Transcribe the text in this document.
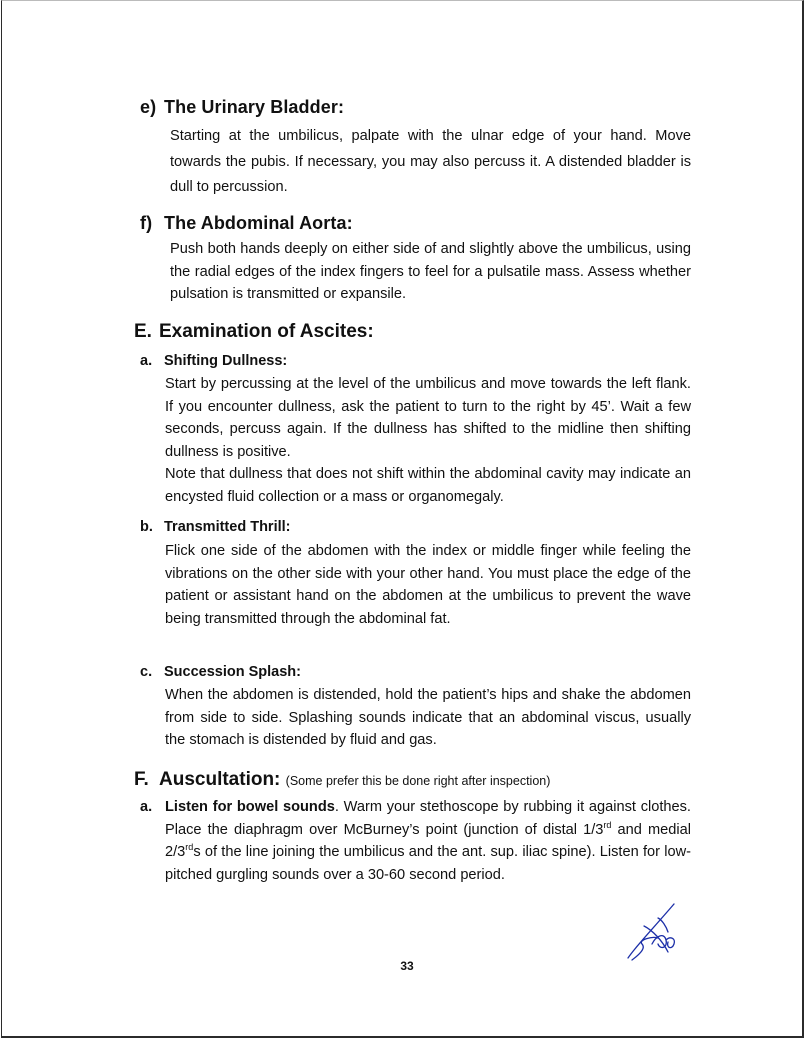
e) The Urinary Bladder:

Starting at the umbilicus, palpate with the ulnar edge of your hand. Move towards the pubis. If necessary, you may also percuss it. A distended bladder is dull to percussion.

f) The Abdominal Aorta:

Push both hands deeply on either side of and slightly above the umbilicus, using the radial edges of the index fingers to feel for a pulsatile mass. Assess whether pulsation is transmitted or expansile.

E. Examination of Ascites:
a. Shifting Dullness:

Start by percussing at the level of the umbilicus and move towards the left flank. If you encounter dullness, ask the patient to turn to the right by 45’. Wait a few seconds, percuss again. If the dullness has shifted to the midline then shifting dullness is positive.

Note that dullness that does not shift within the abdominal cavity may indicate an encysted fluid collection or a mass or organomegaly.

b. Transmitted Thrill:

Flick one side of the abdomen with the index or middle finger while feeling the vibrations on the other side with your other hand. You must place the edge of the patient or assistant hand on the abdomen at the umbilicus to prevent the wave being transmitted through the abdominal fat.

c. Succession Splash:

When the abdomen is distended, hold the patient’s hips and shake the abdomen from side to side. Splashing sounds indicate that an abdominal viscus, usually the stomach is distended by fluid and gas.

F. Auscultation: (Some prefer this be done right after inspection)
a. Listen for bowel sounds. Warm your stethoscope by rubbing it against clothes. Place the diaphragm over McBurney’s point (junction of distal 1/3rd and medial 2/3rds of the line joining the umbilicus and the ant. sup. iliac spine). Listen for low-pitched gurgling sounds over a 30-60 second period.

33
